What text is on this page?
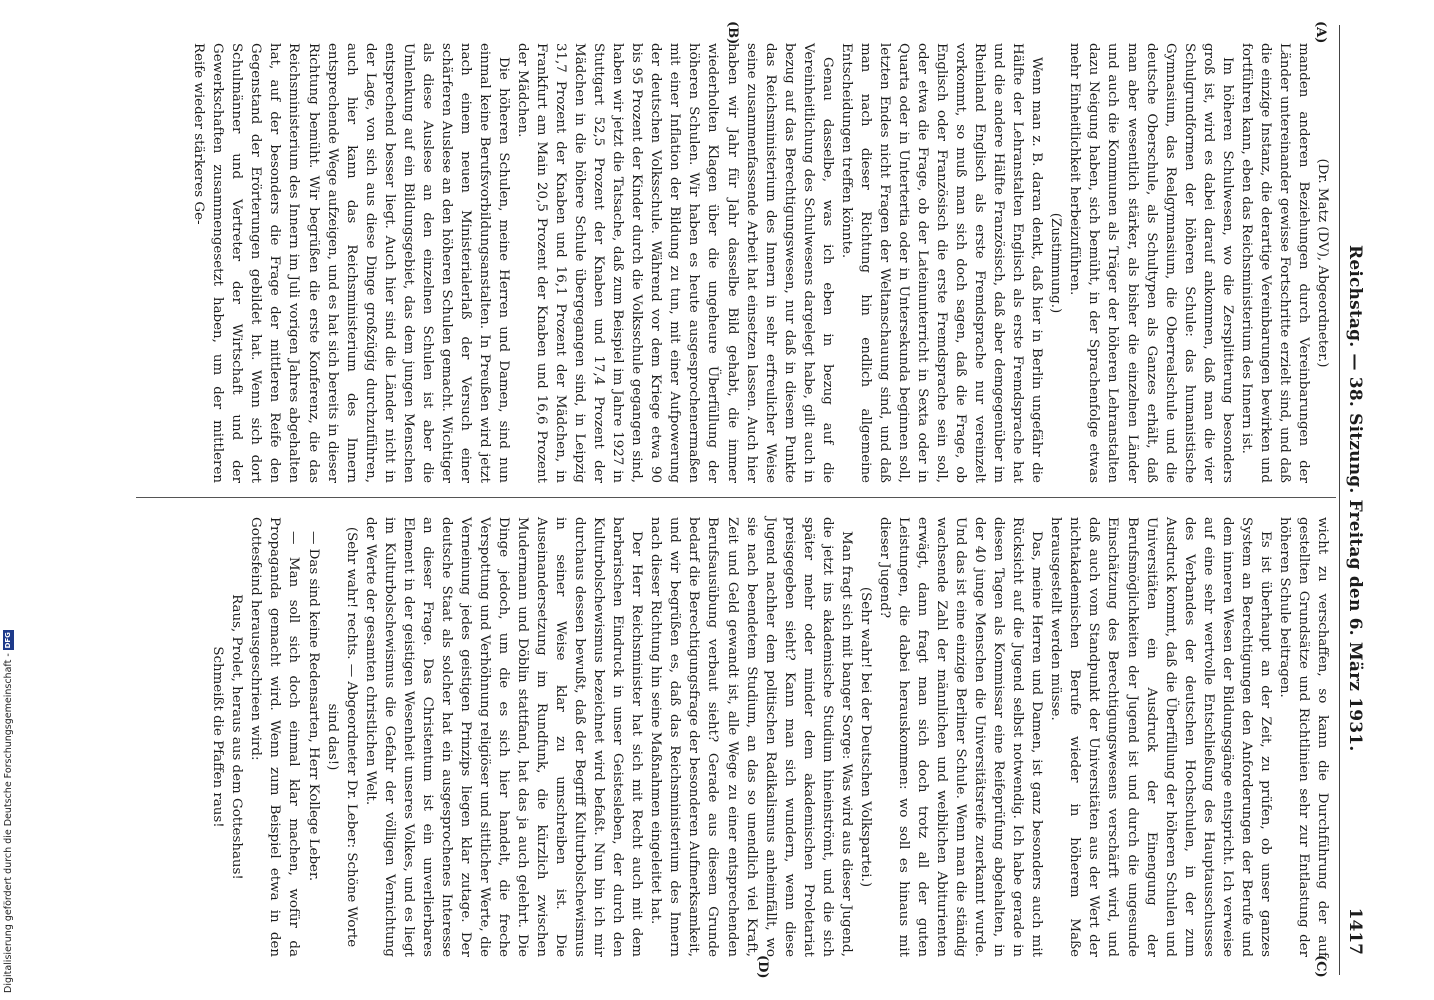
Reichstag. — 38. Sitzung. Freitag den 6. März 1931.
1417
(A)
(B)
(C)
(D)

(Dr. Matz (DV), Abgeordneter.)

manden anderen Beziehungen durch Vereinbarungen der Länder untereinander gewisse Fortschritte erzielt sind, und daß die einzige Instanz, die derartige Vereinbarungen bewirken und fortführen kann, eben das Reichsministerium des Innern ist.

Im höheren Schulwesen, wo die Zersplitterung besonders groß ist, wird es dabei darauf ankommen, daß man die vier Schulgrundformen der höheren Schule: das humanistische Gymnasium, das Realgymnasium, die Oberrealschule und die deutsche Oberschule, als Schultypen als Ganzes erhält, daß man aber wesentlich stärker, als bisher die einzelnen Länder und auch die Kommunen als Träger der höheren Lehranstalten dazu Neigung haben, sich bemüht, in der Sprachenfolge etwas mehr Einheitlichkeit herbeizuführen.

(Zustimmung.)

Wenn man z. B. daran denkt, daß hier in Berlin ungefähr die Hälfte der Lehranstalten Englisch als erste Fremdsprache hat und die andere Hälfte Französisch, daß aber demgegenüber im Rheinland Englisch als erste Fremdsprache nur vereinzelt vorkommt, so muß man sich doch sagen, daß die Frage, ob Englisch oder Französisch die erste Fremdsprache sein soll, oder etwa die Frage, ob der Lateinunterricht in Sexta oder in Quarta oder in Untertertia oder in Untersekunda beginnen soll, letzten Endes nicht Fragen der Weltanschauung sind, und daß man nach dieser Richtung hin endlich allgemeine Entscheidungen treffen könnte.

Genau dasselbe, was ich eben in bezug auf die Vereinheitlichung des Schulwesens dargelegt habe, gilt auch in bezug auf das Berechtigungswesen, nur daß in diesem Punkte das Reichsministerium des Innern in sehr erfreulicher Weise seine zusammenfassende Arbeit hat einsetzen lassen. Auch hier haben wir Jahr für Jahr dasselbe Bild gehabt, die immer wiederholten Klagen über die ungeheure Überfüllung der höheren Schulen. Wir haben es heute ausgesprochenermaßen mit einer Inflation der Bildung zu tun, mit einer Aufpowerung der deutschen Volksschule. Während vor dem Kriege etwa 90 bis 95 Prozent der Kinder durch die Volksschule gegangen sind, haben wir jetzt die Tatsache, daß zum Beispiel im Jahre 1927 in Stuttgart 52,5 Prozent der Knaben und 17,4 Prozent der Mädchen in die höhere Schule übergegangen sind, in Leipzig 31,7 Prozent der Knaben und 16,1 Prozent der Mädchen, in Frankfurt am Main 20,5 Prozent der Knaben und 16,6 Prozent der Mädchen.

Die höheren Schulen, meine Herren und Damen, sind nun einmal keine Berufsvorbildungsanstalten. In Preußen wird jetzt nach einem neuen Ministerialerlaß der Versuch einer schärferen Auslese an den höheren Schulen gemacht. Wichtiger als diese Auslese an den einzelnen Schulen ist aber die Umlenkung auf ein Bildungsgebiet, das dem jungen Menschen entsprechend besser liegt. Auch hier sind die Länder nicht in der Lage, von sich aus diese Dinge großzügig durchzuführen, auch hier kann das Reichsministerium des Innern entsprechende Wege aufzeigen, und es hat sich bereits in dieser Richtung bemüht. Wir begrüßen die erste Konferenz, die das Reichsministerium des Innern im Juli vorigen Jahres abgehalten hat, auf der besonders die Frage der mittleren Reife den Gegenstand der Erörterungen gebildet hat. Wenn sich dort Schulmänner und Vertreter der Wirtschaft und der Gewerkschaften zusammengesetzt haben, um der mittleren Reife wieder stärkeres Ge-

wicht zu verschaffen, so kann die Durchführung der auf gestellten Grundsätze und Richtlinien sehr zur Entlastung der höheren Schule beitragen.

Es ist überhaupt an der Zeit, zu prüfen, ob unser ganzes System an Berechtigungen den Anforderungen der Berufe und dem inneren Wesen der Bildungsgänge entspricht. Ich verweise auf eine sehr wertvolle Entschließung des Hauptausschusses des Verbandes der deutschen Hochschulen, in der zum Ausdruck kommt, daß die Überfüllung der höheren Schulen und Universitäten ein Ausdruck der Einengung der Berufsmöglichkeiten der Jugend ist und durch die ungesunde Einschätzung des Berechtigungswesens verschärft wird, und daß auch vom Standpunkt der Universitäten aus der Wert der nichtakademischen Berufe wieder in höherem Maße herausgestellt werden müsse.

Das, meine Herren und Damen, ist ganz besonders auch mit Rücksicht auf die Jugend selbst notwendig. Ich habe gerade in diesen Tagen als Kommissar eine Reifeprüfung abgehalten, in der 40 junge Menschen die Universitätsreife zuerkannt wurde. Und das ist eine einzige Berliner Schule. Wenn man die ständig wachsende Zahl der männlichen und weiblichen Abiturienten erwägt, dann fragt man sich doch trotz all der guten Leistungen, die dabei herauskommen: wo soll es hinaus mit dieser Jugend?

(Sehr wahr! bei der Deutschen Volkspartei.)

Man fragt sich mit banger Sorge: Was wird aus dieser Jugend, die jetzt ins akademische Studium hineinströmt, und die sich später mehr oder minder dem akademischen Proletariat preisgegeben sieht? Kann man sich wundern, wenn diese Jugend nachher dem politischen Radikalismus anheimfällt, wo sie nach beendetem Studium, an das so unendlich viel Kraft, Zeit und Geld gewandt ist, alle Wege zu einer entsprechenden Berufsausübung verbaut sieht? Gerade aus diesem Grunde bedarf die Berechtigungsfrage der besonderen Aufmerksamkeit, und wir begrüßen es, daß das Reichsministerium des Innern nach dieser Richtung hin seine Maßnahmen eingeleitet hat.

Der Herr Reichsminister hat sich mit Recht auch mit dem barbarischen Eindruck in unser Geistesleben, der durch den Kulturbolschewismus bezeichnet wird befaßt. Nun bin ich mir durchaus dessen bewußt, daß der Begriff Kulturbolschewismus in seiner Weise klar zu umschreiben ist. Die Auseinandersetzung im Rundfunk, die kürzlich zwischen Mudermann und Döblin stattfand, hat das ja auch gelehrt. Die Dinge jedoch, um die es sich hier handelt, die freche Verspottung und Verhöhnung religiöser und sittlicher Werte, die Verneinung jedes geistigen Prinzips liegen klar zutage. Der deutsche Staat als solcher hat ein ausgesprochenes Interesse an dieser Frage. Das Christentum ist ein unverlierbares Element in der geistigen Wesenheit unseres Volkes, und es liegt im Kulturbolschewismus die Gefahr der völligen Vernichtung der Werte der gesamten christlichen Welt.

(Sehr wahr! rechts. — Abgeordneter Dr. Leber: Schöne Worte sind das!)

— Das sind keine Redensarten, Herr Kollege Leber.

— Man soll sich doch einmal klar machen, wofür da Propaganda gemacht wird. Wenn zum Beispiel etwa in den Gottesfeind herausgeschrieen wird:

Raus, Prolet, heraus aus dem Gotteshaus!

Schmeißt die Pfaffen raus!

Digitalisierung gefördert durch die Deutsche Forschungsgemeinschaft -DFG
